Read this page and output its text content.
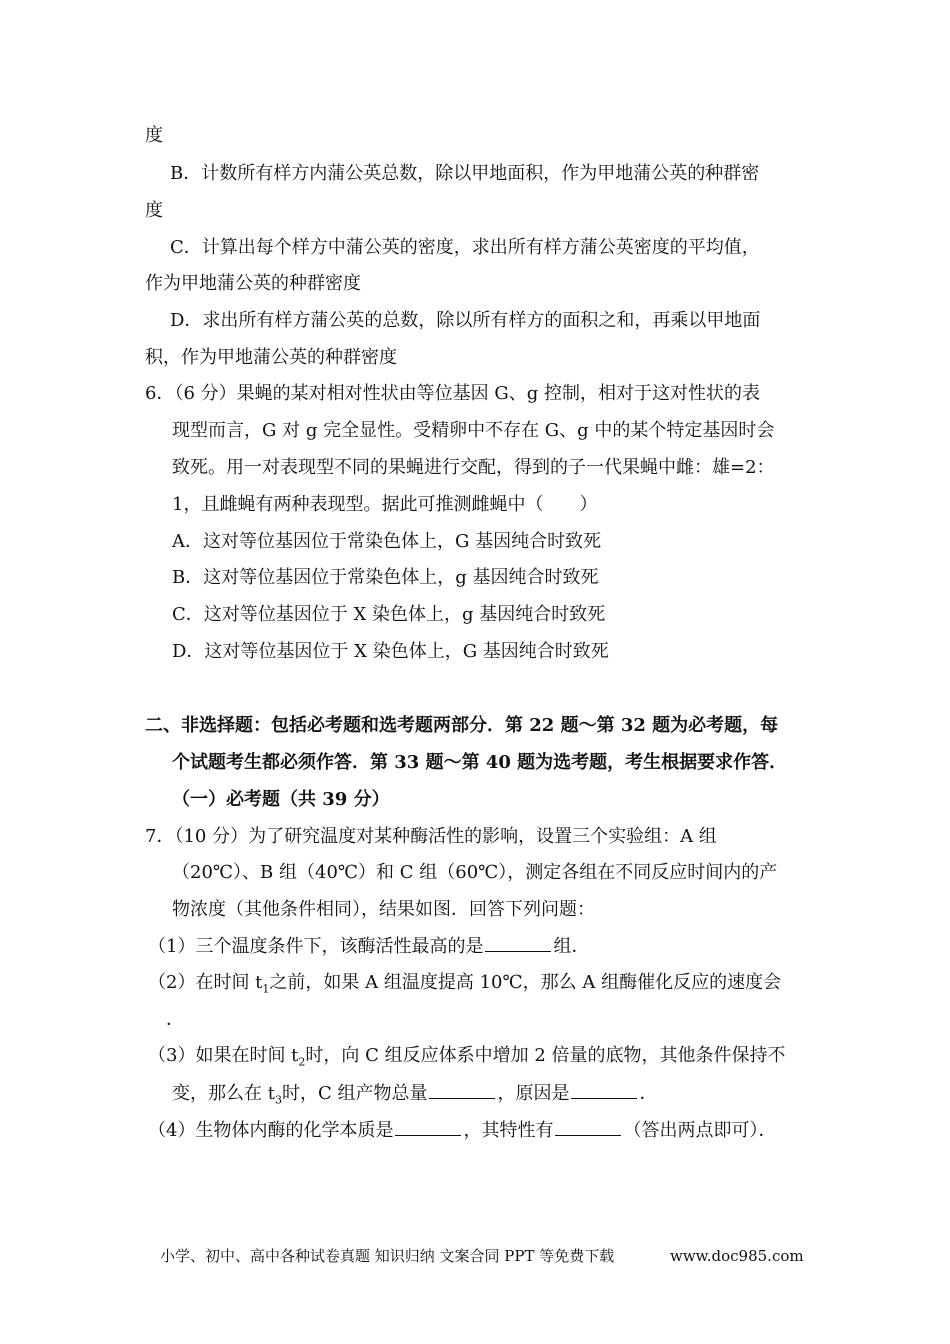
度
B．计数所有样方内蒲公英总数，除以甲地面积，作为甲地蒲公英的种群密
度
C．计算出每个样方中蒲公英的密度，求出所有样方蒲公英密度的平均值，
作为甲地蒲公英的种群密度
D．求出所有样方蒲公英的总数，除以所有样方的面积之和，再乘以甲地面
积，作为甲地蒲公英的种群密度
6．（6 分）果蝇的某对相对性状由等位基因 G、g 控制，相对于这对性状的表
现型而言，G 对 g 完全显性。受精卵中不存在 G、g 中的某个特定基因时会
致死。用一对表现型不同的果蝇进行交配，得到的子一代果蝇中雌：雄=2：
1，且雌蝇有两种表现型。据此可推测雌蝇中（　　）
A．这对等位基因位于常染色体上，G 基因纯合时致死
B．这对等位基因位于常染色体上，g 基因纯合时致死
C．这对等位基因位于 X 染色体上，g 基因纯合时致死
D．这对等位基因位于 X 染色体上，G 基因纯合时致死
二、非选择题：包括必考题和选考题两部分．第 22 题～第 32 题为必考题，每
个试题考生都必须作答．第 33 题～第 40 题为选考题，考生根据要求作答．
（一）必考题（共 39 分）
7．（10 分）为了研究温度对某种酶活性的影响，设置三个实验组：A 组
（20℃）、B 组（40℃）和 C 组（60℃），测定各组在不同反应时间内的产
物浓度（其他条件相同），结果如图．回答下列问题：
（1）三个温度条件下，该酶活性最高的是	组．
（2）在时间 $t_1$之前，如果 A 组温度提高 10℃，那么 A 组酶催化反应的速度会
．
（3）如果在时间 $t_2$时，向 C 组反应体系中增加 2 倍量的底物，其他条件保持不
变，那么在 $t_3$时，C 组产物总量	，原因是	．
（4）生物体内酶的化学本质是	，其特性有	（答出两点即可）．
小学、初中、高中各种试卷真题 知识归纳 文案合同 PPT 等免费下载	www.doc985.com
